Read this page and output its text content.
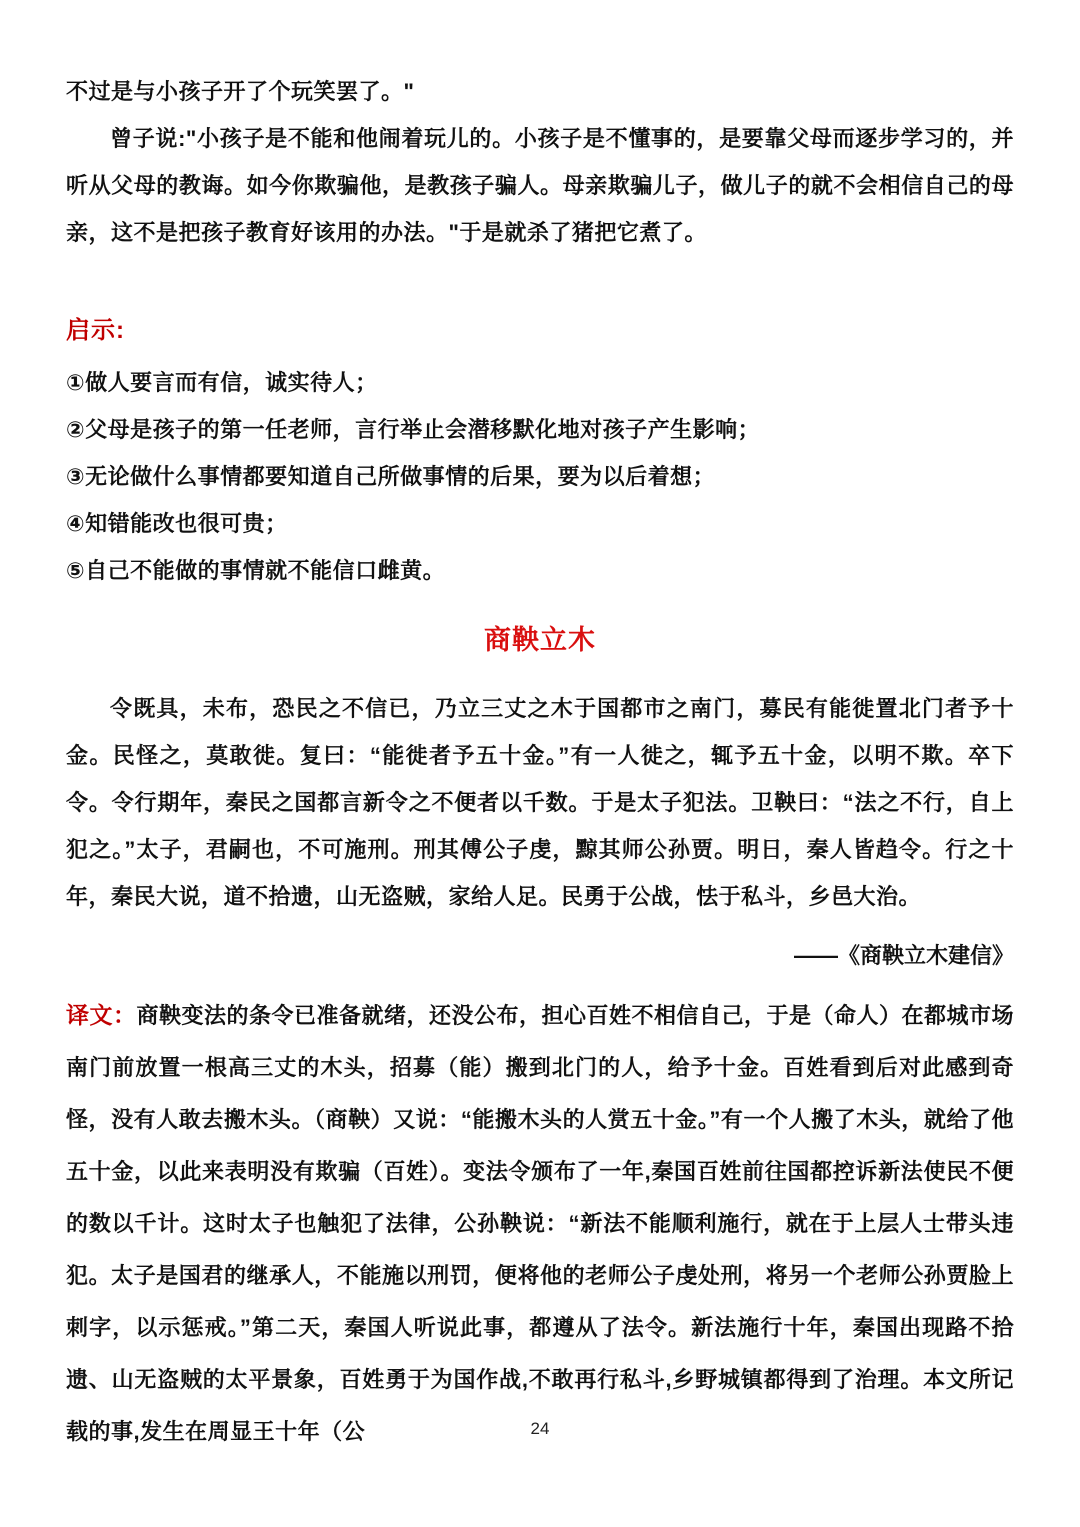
不过是与小孩子开了个玩笑罢了。"

曾子说:"小孩子是不能和他闹着玩儿的。小孩子是不懂事的，是要靠父母而逐步学习的，并听从父母的教诲。如今你欺骗他，是教孩子骗人。母亲欺骗儿子，做儿子的就不会相信自己的母亲，这不是把孩子教育好该用的办法。"于是就杀了猪把它煮了。

启示:

①做人要言而有信，诚实待人；

②父母是孩子的第一任老师，言行举止会潜移默化地对孩子产生影响；

③无论做什么事情都要知道自己所做事情的后果，要为以后着想；

④知错能改也很可贵；

⑤自己不能做的事情就不能信口雌黄。

商鞅立木

令既具，未布，恐民之不信已，乃立三丈之木于国都市之南门，募民有能徙置北门者予十金。民怪之，莫敢徙。复曰：“能徙者予五十金。”有一人徙之，辄予五十金，以明不欺。卒下令。令行期年，秦民之国都言新令之不便者以千数。于是太子犯法。卫鞅曰：“法之不行，自上犯之。”太子，君嗣也，不可施刑。刑其傅公子虔，黥其师公孙贾。明日，秦人皆趋令。行之十年，秦民大说，道不拾遗，山无盗贼，家给人足。民勇于公战，怯于私斗，乡邑大治。

——《商鞅立木建信》

译文：商鞅变法的条令已准备就绪，还没公布，担心百姓不相信自己，于是（命人）在都城市场南门前放置一根高三丈的木头，招募（能）搬到北门的人，给予十金。百姓看到后对此感到奇怪，没有人敢去搬木头。（商鞅）又说：“能搬木头的人赏五十金。”有一个人搬了木头，就给了他五十金，以此来表明没有欺骗（百姓）。变法令颁布了一年,秦国百姓前往国都控诉新法使民不便的数以千计。这时太子也触犯了法律，公孙鞅说：“新法不能顺利施行，就在于上层人士带头违犯。太子是国君的继承人，不能施以刑罚，便将他的老师公子虔处刑，将另一个老师公孙贾脸上刺字，以示惩戒。”第二天，秦国人听说此事，都遵从了法令。新法施行十年，秦国出现路不拾遗、山无盗贼的太平景象，百姓勇于为国作战,不敢再行私斗,乡野城镇都得到了治理。本文所记载的事,发生在周显王十年（公	24
